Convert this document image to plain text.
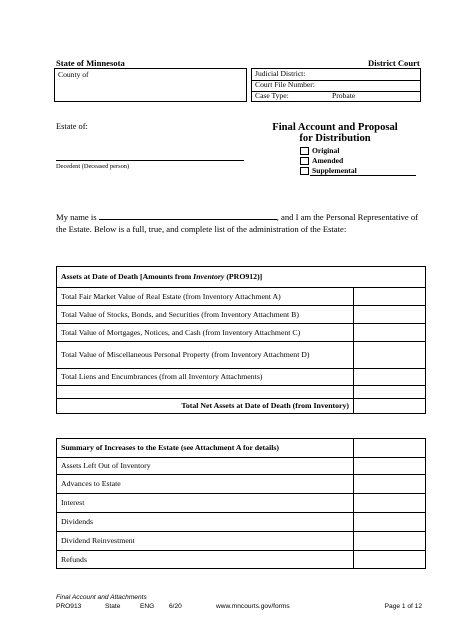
State of Minnesota	District Court
County of	Judicial District:
Court File Number:
Case Type:	Probate
Estate of:
Decedent (Deceased person)
Final Account and Proposal
for Distribution
Original
Amended
Supplemental
My name is	, and I am the Personal Representative of the Estate. Below is a full, true, and complete list of the administration of the Estate:
Assets at Date of Death [Amounts from Inventory (PRO912)]
Total Fair Market Value of Real Estate (from Inventory Attachment A)
Total Value of Stocks, Bonds, and Securities (from Inventory Attachment B)
Total Value of Mortgages, Notices, and Cash (from Inventory Attachment C)
Total Value of Miscellaneous Personal Property (from Inventory Attachment D)
Total Liens and Encumbrances (from all Inventory Attachments)
Total Net Assets at Date of Death (from Inventory)
Summary of Increases to the Estate (see Attachment A for details)
Assets Left Out of Inventory
Advances to Estate
Interest
Dividends
Dividend Reinvestment
Refunds
Final Account and Attachments
PRO913	State	ENG 6/20	www.mncourts.gov/forms	Page 1 of 12
